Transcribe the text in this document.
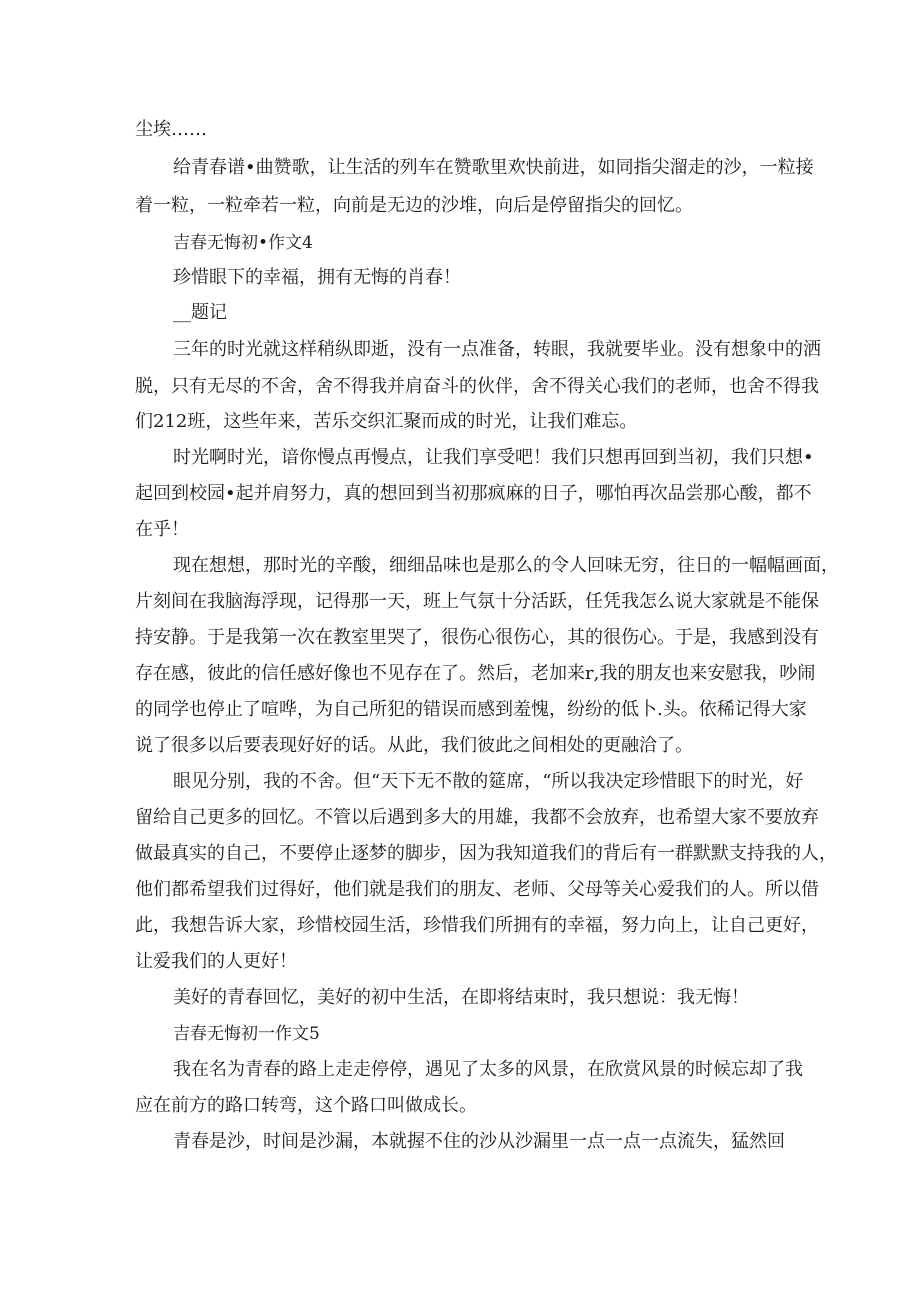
尘埃……
给 青 春 谱 • 曲 赞 歌 ， 让 生 活 的 列 车 在 赞 歌 里 欢 快 前 进 ， 如 同 指 尖 溜 走 的 沙 ， 一 粒 接
着一粒，一粒牵若一粒，向前是无边的沙堆，向后是停留指尖的回忆。
吉春无悔初•作文4
珍惜眼下的幸福，拥有无悔的肖春！
__题记
三 年 的 时 光 就 这 样 稍 纵 即 逝 ， 没 有 一 点 准 备 ， 转 眼 ， 我 就 要 毕 业 。 没 有 想 象 中 的 洒
脱 ， 只 有 无 尽 的 不 舍 ， 舍 不 得 我 并 肩 奋 斗 的 伙 伴 ， 舍 不 得 关 心 我 们 的 老 师 ， 也 舍 不 得 我
们212班，这些年来，苦乐交织汇聚而成的时光，让我们难忘。
时 光 啊 时 光 ， 谙 你 慢 点 再 慢 点 ， 让 我 们 享 受 吧 ！ 我 们 只 想 再 回 到 当 初 ， 我 们 只 想 •
起 回 到 校 园 • 起 并 肩 努 力 ， 真 的 想 回 到 当 初 那 疯 麻 的 日 子 ， 哪 怕 再 次 品 尝 那 心 酸 ， 都 不
在乎！
现 在 想 想 ， 那 时 光 的 辛 酸 ， 细 细 品 味 也 是 那 么 的 令 人 回 味 无 穷 ， 往 日 的 一 幅 幅 画 面 ，
片 刻 间 在 我 脑 海 浮 现 ， 记 得 那 一 天 ， 班 上 气 氛 十 分 活 跃 ， 任 凭 我 怎 么 说 大 家 就 是 不 能 保
持 安 静 。 于 是 我 第 一 次 在 教 室 里 哭 了 ， 很 伤 心 很 伤 心 ， 其 的 很 伤 心 。 于 是 ， 我 感 到 没 有
存 在 感 ， 彼 此 的 信 任 感 好 像 也 不 见 存 在 了 。 然 后 ， 老 加 来 r , 我 的 朋 友 也 来 安 慰 我 ， 吵 闹
的 同 学 也 停 止 了 喧 哗 ， 为 自 己 所 犯 的 错 误 而 感 到 羞 愧 ， 纷 纷 的 低 卜 . 头 。 依 稀 记 得 大 家
说了很多以后要表现好好的话。从此，我们彼此之间相处的更融洽了。
眼 见 分 别 ， 我 的 不 舍 。 但 “ 天 下 无 不 散 的 筵 席 ， “ 所 以 我 决 定 珍 惜 眼 下 的 时 光 ， 好
留 给 自 己 更 多 的 回 忆 。 不 管 以 后 遇 到 多 大 的 用 雄 ， 我 都 不 会 放 弃 ， 也 希 望 大 家 不 要 放 弃
做 最 真 实 的 自 己 ， 不 要 停 止 逐 梦 的 脚 步 ， 因 为 我 知 道 我 们 的 背 后 有 一 群 默 默 支 持 我 的 人 ，
他 们 都 希 望 我 们 过 得 好 ， 他 们 就 是 我 们 的 朋 友 、 老 师 、 父 母 等 关 心 爱 我 们 的 人 。 所 以 借
此 ， 我 想 告 诉 大 家 ， 珍 惜 校 园 生 活 ， 珍 惜 我 们 所 拥 有 的 幸 福 ， 努 力 向 上 ， 让 自 己 更 好 ，
让爱我们的人更好！
美好的青春回忆，美好的初中生活，在即将结束时，我只想说：我无悔！
吉春无悔初一作文5
我 在 名 为 青 春 的 路 上 走 走 停 停 ， 遇 见 了 太 多 的 风 景 ， 在 欣 赏 风 景 的 时 候 忘 却 了 我
应在前方的路口转弯，这个路口叫做成长。
青 春 是 沙 ， 时 间 是 沙 漏 ， 本 就 握 不 住 的 沙 从 沙 漏 里 一 点 一 点 一 点 流 失 ， 猛 然 回
